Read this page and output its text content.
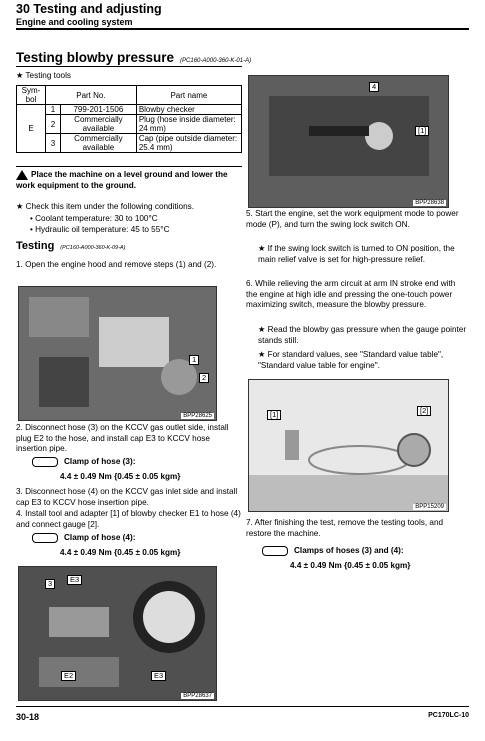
30 Testing and adjusting
Engine and cooling system
Testing blowby pressure (PC160-A000-360-K-01-A)
★ Testing tools
Sym-
bol	Part No.		Part name
E	1	799-201-1506	Blowby checker
	2	Commercially available	Plug (hose inside diameter: 24 mm)
	3	Commercially available	Cap (pipe outside diameter: 25.4 mm)
Place the machine on a level ground and lower the work equipment to the ground.
★ Check this item under the following conditions.
• Coolant temperature: 30 to 100°C
• Hydraulic oil temperature: 45 to 55°C
Testing (PC160-A000-360-K-09-A)
1. Open the engine hood and remove steps (1) and (2).
1
2
BPP28625
2. Disconnect hose (3) on the KCCV gas outlet side, install plug E2 to the hose, and install cap E3 to KCCV hose insertion pipe.
Clamp of hose (3):
4.4 ± 0.49 Nm {0.45 ± 0.05 kgm}
3. Disconnect hose (4) on the KCCV gas inlet side and install cap E3 to KCCV hose insertion pipe.
4. Install tool and adapter [1] of blowby checker E1 to hose (4) and connect gauge [2].
Clamp of hose (4):
4.4 ± 0.49 Nm {0.45 ± 0.05 kgm}
3	E3
E2	E3
BPP28637
4
[1]
BPP28638
5. Start the engine, set the work equipment mode to power mode (P), and turn the swing lock switch ON.
★ If the swing lock switch is turned to ON position, the main relief valve is set for high-pressure relief.
6. While relieving the arm circuit at arm IN stroke end with the engine at high idle and pressing the one-touch power maximizing switch, measure the blowby pressure.
★ Read the blowby gas pressure when the gauge pointer stands still.
★ For standard values, see "Standard value table", "Standard value table for engine".
[1]	[2]
BPP15209
7. After finishing the test, remove the testing tools, and restore the machine.
Clamps of hoses (3) and (4):
4.4 ± 0.49 Nm {0.45 ± 0.05 kgm}
30-18	PC170LC-10
